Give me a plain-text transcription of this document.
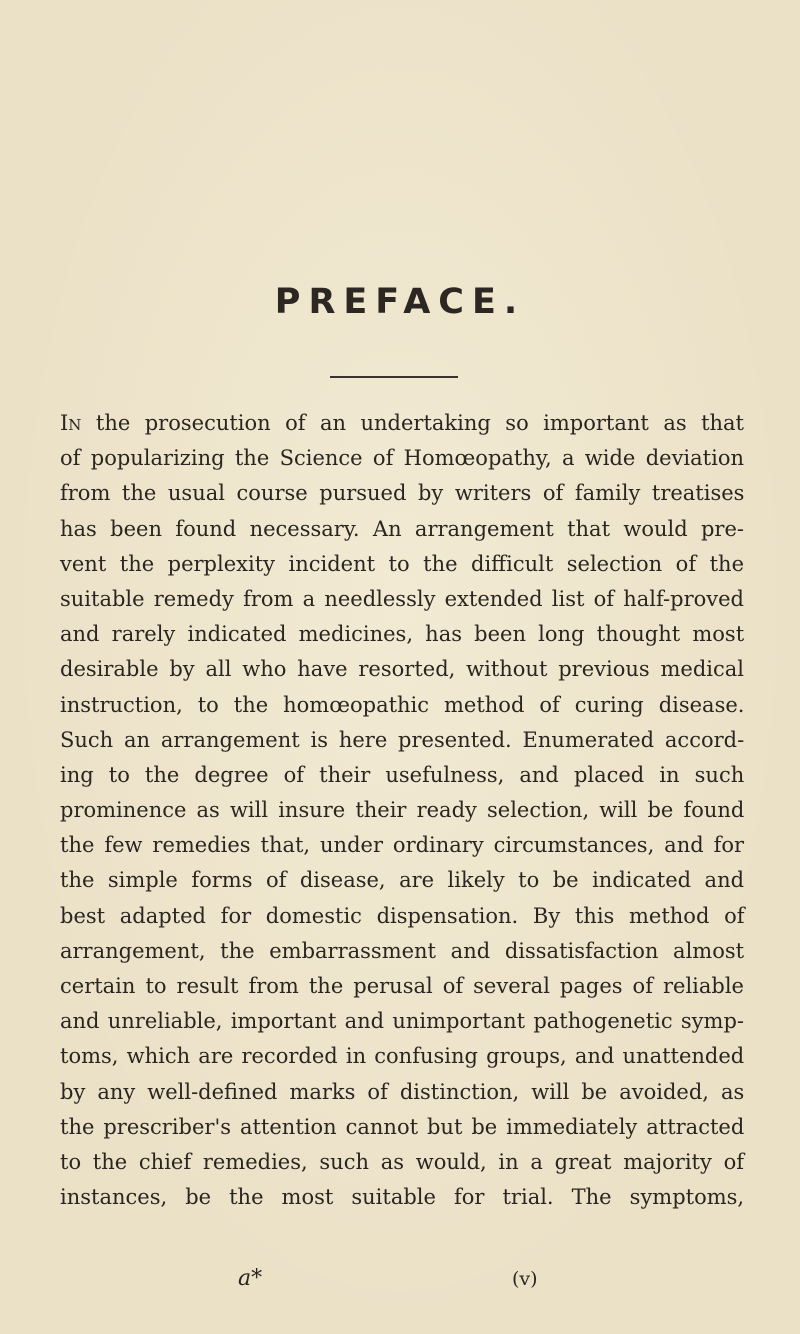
PREFACE.
In the prosecution of an undertaking so important as that
of popularizing the Science of Homœopathy, a wide deviation
from the usual course pursued by writers of family treatises
has been found necessary. An arrangement that would pre-
vent the perplexity incident to the difficult selection of the
suitable remedy from a needlessly extended list of half-proved
and rarely indicated medicines, has been long thought most
desirable by all who have resorted, without previous medical
instruction, to the homœopathic method of curing disease.
Such an arrangement is here presented. Enumerated accord-
ing to the degree of their usefulness, and placed in such
prominence as will insure their ready selection, will be found
the few remedies that, under ordinary circumstances, and for
the simple forms of disease, are likely to be indicated and
best adapted for domestic dispensation. By this method of
arrangement, the embarrassment and dissatisfaction almost
certain to result from the perusal of several pages of reliable
and unreliable, important and unimportant pathogenetic symp-
toms, which are recorded in confusing groups, and unattended
by any well-defined marks of distinction, will be avoided, as
the prescriber's attention cannot but be immediately attracted
to the chief remedies, such as would, in a great majority of
instances, be the most suitable for trial. The symptoms,
a*	(v)
